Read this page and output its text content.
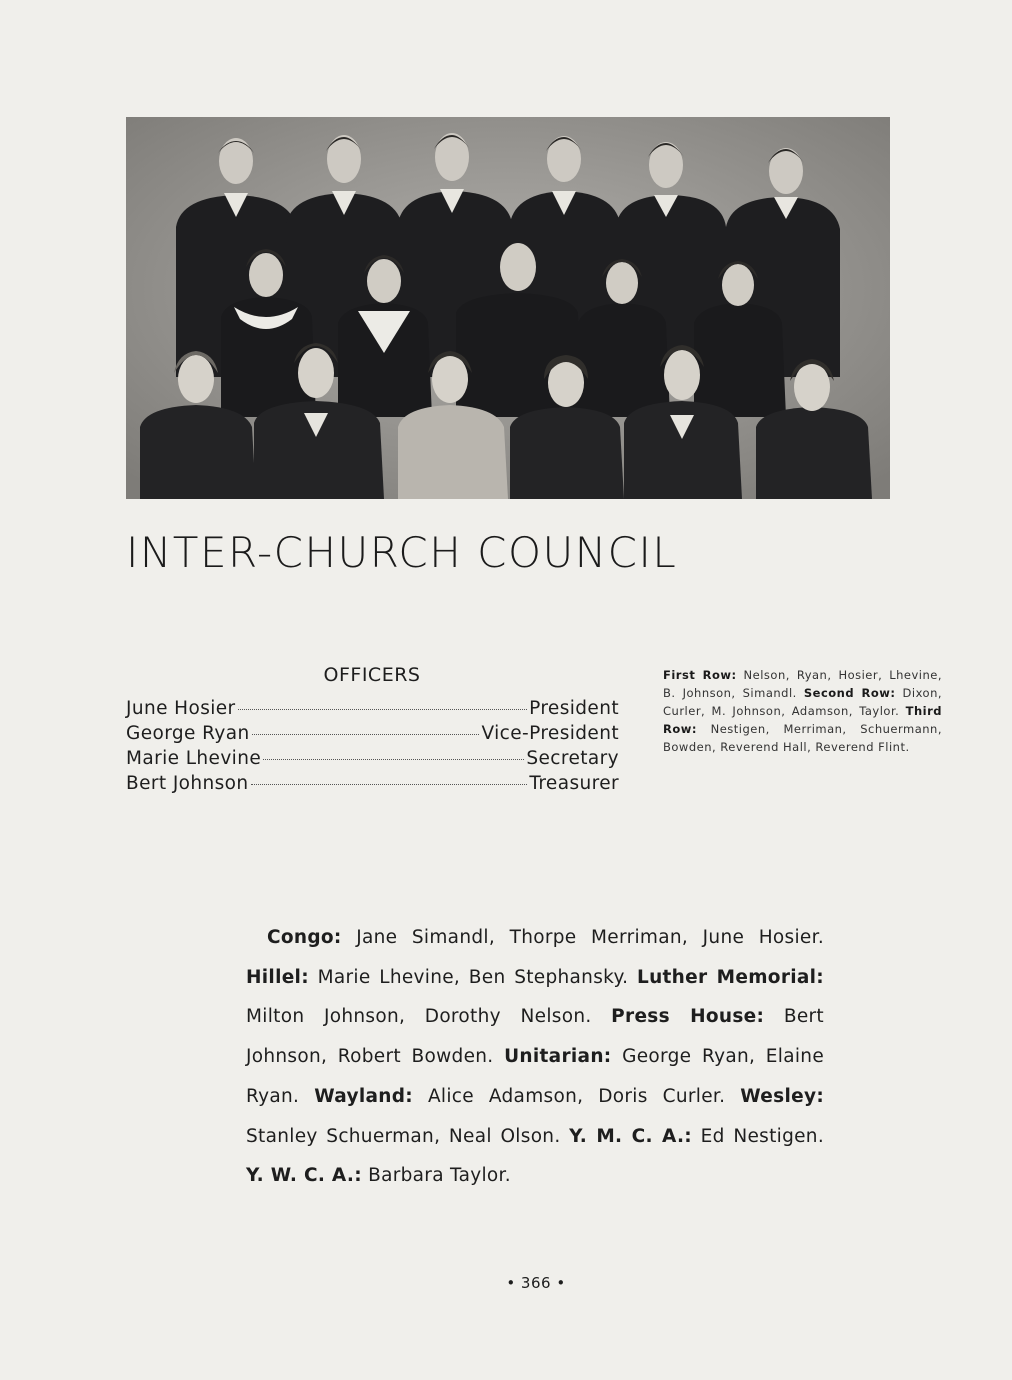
INTER-CHURCH COUNCIL
OFFICERS
June Hosier	President
George Ryan	Vice-President
Marie Lhevine	Secretary
Bert Johnson	Treasurer
First Row: Nelson, Ryan, Hosier, Lhevine, B. Johnson, Simandl. Second Row: Dixon, Curler, M. Johnson, Adamson, Taylor. Third Row: Nestigen, Merriman, Schuermann, Bowden, Reverend Hall, Reverend Flint.
Congo: Jane Simandl, Thorpe Merriman, June Hosier. Hillel: Marie Lhevine, Ben Stephansky. Luther Memorial: Milton Johnson, Dorothy Nelson. Press House: Bert Johnson, Robert Bowden. Unitarian: George Ryan, Elaine Ryan. Wayland: Alice Adamson, Doris Curler. Wesley: Stanley Schuerman, Neal Olson. Y. M. C. A.: Ed Nestigen. Y. W. C. A.: Barbara Taylor.
• 366 •
